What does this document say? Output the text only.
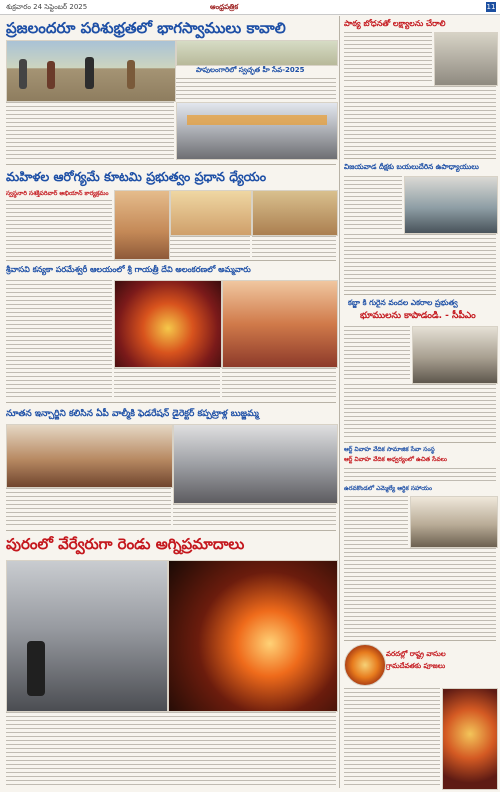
శుక్రవారం 24 సెప్టెంబర్ 2025	ఆంధ్రపత్రిక	11
ప్రజలందరూ పరిశుభ్రతలో భాగస్వాములు కావాలి
పాపులంగారిలో స్వచ్ఛత హీ సేవ-2025
మహిళల ఆరోగ్యమే కూటమి ప్రభుత్వం ప్రధాన ధ్యేయం
స్వస్థనారి సశక్తిపరివార్ అభియాన్ కార్యక్రమం
శ్రీవాసవి కన్యకా పరమేశ్వరీ ఆలయంలో శ్రీ గాయత్రీ దేవి అలంకరణలో అమ్మవారు
నూతన ఇన్చార్జిని కలిసిన ఏపీ వాల్మీకి ఫెడరేషన్ డైరెక్టర్ కప్పట్రాళ్ల బుజ్జమ్మ
పురంలో వేర్వేరుగా రెండు అగ్నిప్రమాదాలు
పాఠ్య బోధనతో లక్ష్యాలను చేరాలి
విజయవాడ దీక్షకు బయలుదేరిన ఉపాధ్యాయులు
కబ్జా కి గురైన వందల ఎకరాల ప్రభుత్వ
భూములను కాపాడండి. - సీపీఎం
ఆర్ట్ వివాహ వేదిక సామాజిక సేవా సంస్థ
ఆర్ట్ వివాహ వేదిక అధ్వర్యంలో ఉచిత సేవలు
ఉరవకొండలో ఎమ్మెల్యే ఆర్థిక సహాయం
వరదల్లో రాష్ట్ర వాసుల
గ్రామదేవతకు పూజలు
